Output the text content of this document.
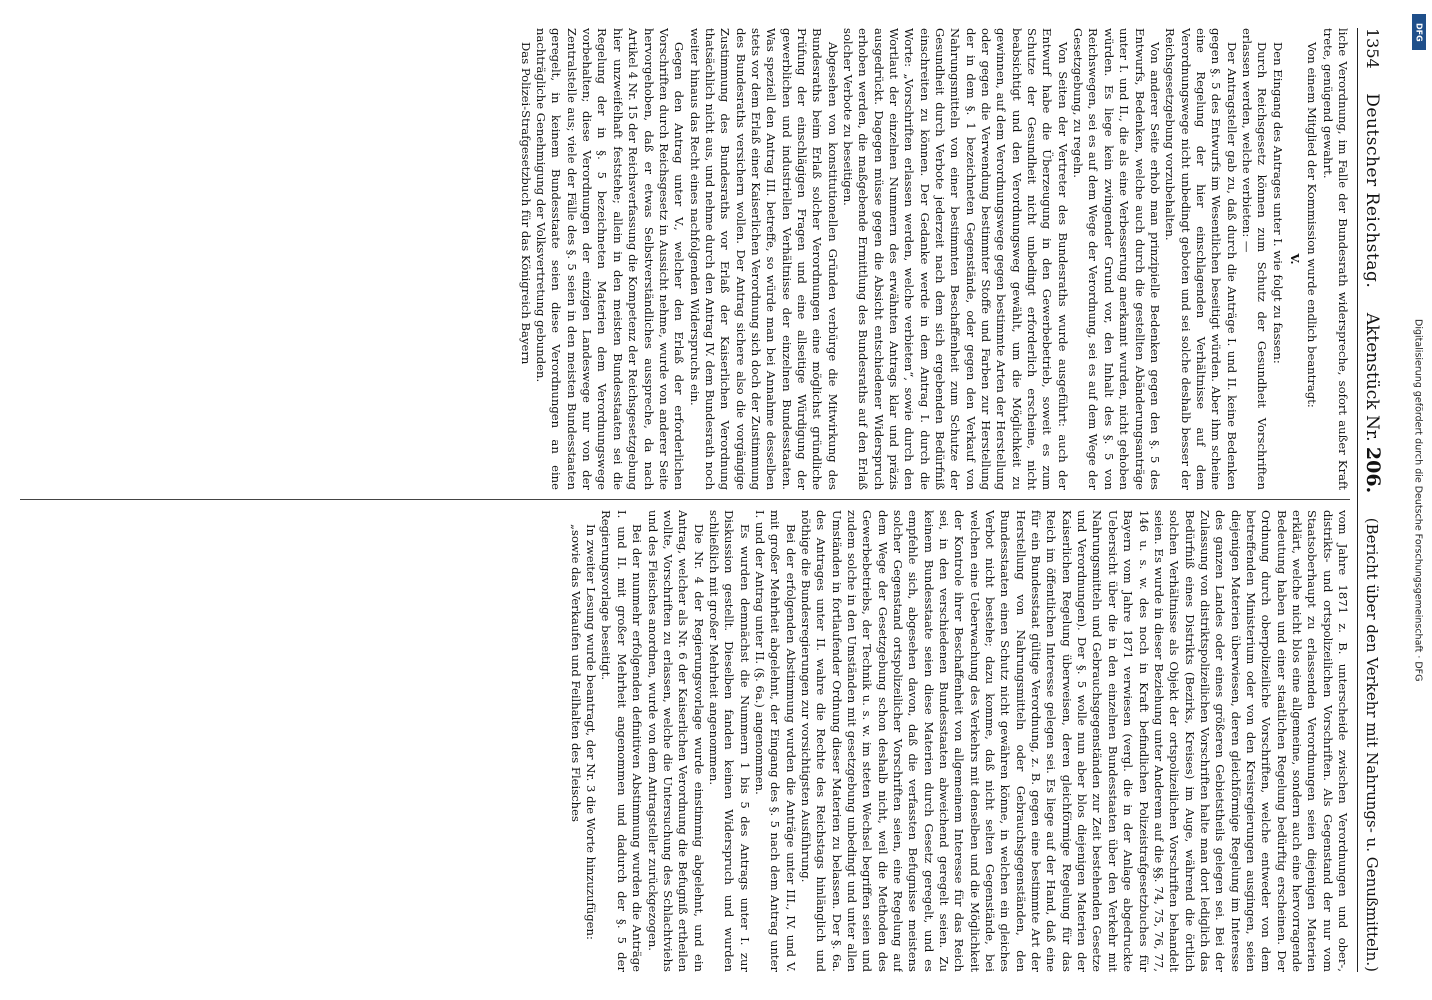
1354
Deutscher Reichstag.
Aktenstück Nr. 206.
(Bericht über den Verkehr mit Nahrungs- u. Genußmitteln.)

liche Verordnung, im Falle der Bundesrath widerspreche, sofort außer Kraft trete, genügend gewahrt.

Von einem Mitglied der Kommission wurde endlich beantragt:

V.

Den Eingang des Antrages unter I. wie folgt zu fassen:

Durch Reichsgesetz können zum Schutz der Gesundheit Vorschriften erlassen werden, welche verbieten: —

Der Antragsteller gab zu, daß durch die Anträge I. und II. keine Bedenken gegen §. 5 des Entwurfs im Wesentlichen beseitigt würden. Aber ihm scheine eine Regelung der hier einschlagenden Verhältnisse auf dem Verordnungswege nicht unbedingt geboten und sei solche deshalb besser der Reichsgesetzgebung vorzubehalten.

Von anderer Seite erhob man prinzipielle Bedenken gegen den §. 5 des Entwurfs, Bedenken, welche auch durch die gestellten Abänderungsanträge unter I. und II., die als eine Verbesserung anerkannt wurden, nicht gehoben würden. Es liege kein zwingender Grund vor, den Inhalt des §. 5 von Reichswegen, sei es auf dem Wege der Verordnung, sei es auf dem Wege der Gesetzgebung, zu regeln.

Von Seiten der Vertreter des Bundesraths wurde ausgeführt: auch der Entwurf habe die Überzeugung in den Gewerbebetrieb, soweit es zum Schutze der Gesundheit nicht unbedingt erforderlich erscheine, nicht beabsichtigt und den Verordnungsweg gewählt, um die Möglichkeit zu gewinnen, auf dem Verordnungswege gegen bestimmte Arten der Herstellung oder gegen die Verwendung bestimmter Stoffe und Farben zur Herstellung der in dem §. 1 bezeichneten Gegenstände, oder gegen den Verkauf von Nahrungsmitteln von einer bestimmten Beschaffenheit zum Schutze der Gesundheit durch Verbote jederzeit nach dem sich ergebenden Bedürfniß einschreiten zu können. Der Gedanke werde in dem Antrag I. durch die Worte: „Vorschriften erlassen werden, welche verbieten“, sowie durch den Wortlaut der einzelnen Nummern des erwähnten Antrags klar und präzis ausgedrückt. Dagegen müsse gegen die Absicht entschiedener Widerspruch erhoben werden, die maßgebende Ermittlung des Bundesraths auf den Erlaß solcher Verbote zu beseitigen.

Abgesehen von konstitutionellen Gründen verbürge die Mitwirkung des Bundesraths beim Erlaß solcher Verordnungen eine möglichst gründliche Prüfung der einschlägigen Fragen und eine allseitige Würdigung der gewerblichen und industriellen Verhältnisse der einzelnen Bundesstaaten. Was speziell den Antrag III. betreffe, so würde man bei Annahme desselben stets vor dem Erlaß einer Kaiserlichen Verordnung sich doch der Zustimmung des Bundesraths versichern wollen. Der Antrag sichere also die vorgängige Zustimmung des Bundesraths vor Erlaß der Kaiserlichen Verordnung thatsächlich nicht aus, und nehme durch den Antrag IV. dem Bundesrath noch weiter hinaus das Recht eines nachfolgenden Widerspruchs ein.

Gegen den Antrag unter V., welcher den Erlaß der erforderlichen Vorschriften durch Reichsgesetz in Aussicht nehme, wurde von anderer Seite hervorgehoben, daß er etwas Selbstverständliches ausspreche, da nach Artikel 4 Nr. 15 der Reichsverfassung die Kompetenz der Reichsgesetzgebung hier unzweifelhaft feststehe; allein in den meisten Bundesstaaten sei die Regelung der in §. 5 bezeichneten Materien dem Verordnungswege vorbehalten; diese Verordnungen der einzigen Landeswege nur von der Zentralstelle aus; viele der Fälle des §. 5 seien in den meisten Bundesstaaten geregelt, in keinem Bundesstaate seien diese Verordnungen an eine nachträgliche Genehmigung der Volksvertretung gebunden.

Das Polizei-Strafgesetzbuch für das Königreich Bayern

vom Jahre 1871 z. B. unterscheide zwischen Verordnungen und ober-, distrikts- und ortspolizeilichen Vorschriften. Als Gegenstand der nur vom Staatsoberhaupt zu erlassenden Verordnungen seien diejenigen Materien erklärt, welche nicht blos eine allgemeine, sondern auch eine hervorragende Bedeutung haben und einer staatlichen Regelung bedürftig erscheinen. Der Ordnung durch oberpolizeiliche Vorschriften, welche entweder von dem betreffenden Ministerium oder von den Kreisregierungen ausgingen, seien diejenigen Materien überwiesen, deren gleichförmige Regelung im Interesse des ganzen Landes oder eines größeren Gebietstheils gelegen sei. Bei der Zulassung von distriktspolizeilichen Vorschriften halte man dort lediglich das Bedürfniß eines Distrikts (Bezirks, Kreises) im Auge, während die örtlich solchen Verhältnisse als Objekt der ortspolizeilichen Vorschriften behandelt seien. Es wurde in dieser Beziehung unter Anderem auf die §§. 74, 75, 76, 77, 146 u. s. w. des noch in Kraft befindlichen Polizeistrafgesetzbuches für Bayern vom Jahre 1871 verwiesen (vergl. die in der Anlage abgedruckte Uebersicht über die in den einzelnen Bundesstaaten über den Verkehr mit Nahrungsmitteln und Gebrauchsgegenständen zur Zeit bestehenden Gesetze und Verordnungen). Der §. 5 wolle nun aber blos diejenigen Materien der Kaiserlichen Regelung überweisen, deren gleichförmige Regelung für das Reich im öffentlichen Interesse gelegen sei. Es liege auf der Hand, daß eine für ein Bundesstaat gültige Verordnung, z. B. gegen eine bestimmte Art der Herstellung von Nahrungsmitteln oder Gebrauchsgegenständen, den Bundesstaaten einen Schutz nicht gewähren könne, in welchen ein gleiches Verbot nicht bestehe; dazu komme, daß nicht selten Gegenstände, bei welchen eine Ueberwachung des Verkehrs mit denselben und die Möglichkeit der Kontrole ihrer Beschaffenheit von allgemeinem Interesse für das Reich sei, in den verschiedenen Bundesstaaten abweichend geregelt seien. Zu keinem Bundesstaate seien diese Materien durch Gesetz geregelt, und es empfehle sich, abgesehen davon, daß die verfassten Befugnisse meistens solcher Gegenstand ortspolizeilicher Vorschriften seien, eine Regelung auf dem Wege der Gesetzgebung schon deshalb nicht, weil die Methoden des Gewerbebetriebs, der Technik u. s. w. im steten Wechsel begriffen seien und zudem solche in den Umständen mit gesetzgebung unbedingt und unter allen Umständen in fortlaufender Ordnung dieser Materien zu belassen. Der §. 6a. des Antrages unter II. wahre die Rechte des Reichstags hinlänglich und nöthige die Bundesregierungen zur vorsichtigsten Ausführung.

Bei der erfolgenden Abstimmung wurden die Anträge unter III., IV. und V. mit großer Mehrheit abgelehnt, der Eingang des §. 5 nach dem Antrag unter I. und der Antrag unter II. (§. 6a.) angenommen.

Es wurden demnächst die Nummern 1 bis 5 des Antrags unter I. zur Diskussion gestellt. Dieselben fanden keinen Widerspruch und wurden schließlich mit großer Mehrheit angenommen.

Die Nr. 4 der Regierungsvorlage wurde einstimmig abgelehnt, und ein Antrag, welcher als Nr. 6 der Kaiserlichen Verordnung die Befugniß ertheilen wollte, Vorschriften zu erlassen, welche die Untersuchung des Schlachtviehs und des Fleisches anordnen, wurde von dem Antragsteller zurückgezogen.

Bei der nunmehr erfolgenden definitiven Abstimmung wurden die Anträge I. und II. mit großer Mehrheit angenommen und dadurch der §. 5 der Regierungsvorlage beseitigt.

In zweiter Lesung wurde beantragt, der Nr. 3 die Worte hinzuzufügen:

„sowie das Verkaufen und Feilhalten des Fleisches

DFG
Digitalisierung gefördert durch die Deutsche Forschungsgemeinschaft · DFG
